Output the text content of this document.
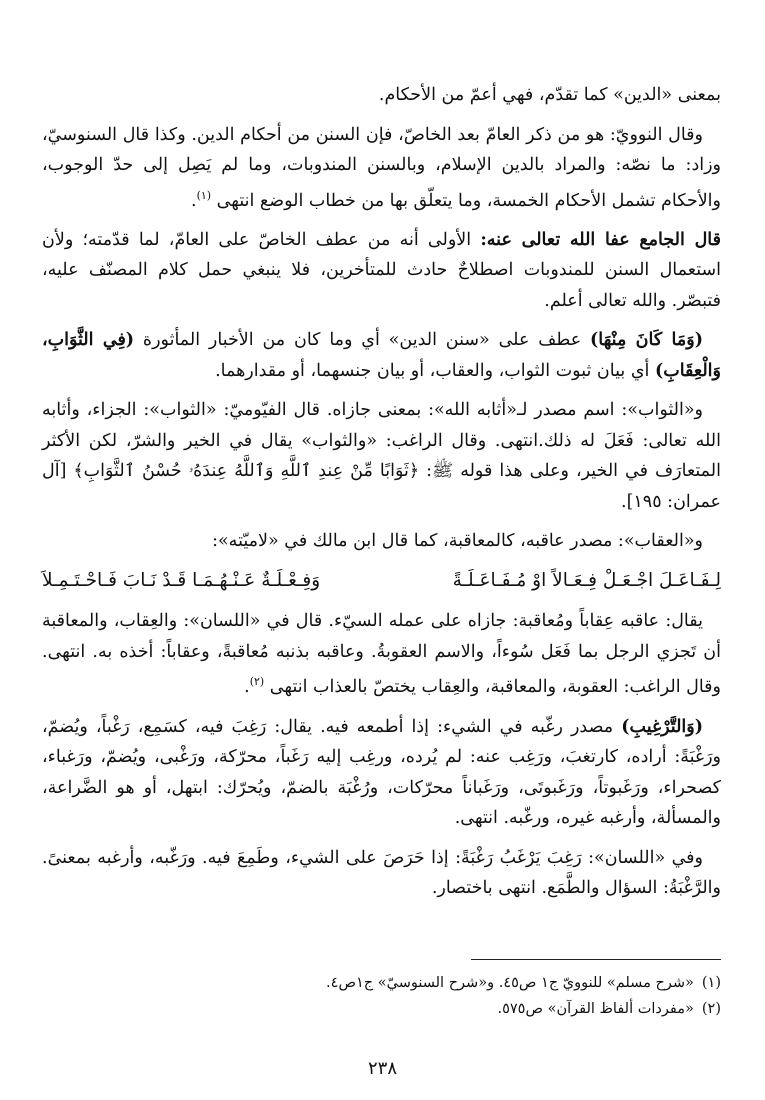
بمعنى «الدين» كما تقدّم، فهي أعمّ من الأحكام.

وقال النوويّ: هو من ذكر العامّ بعد الخاصّ، فإن السنن من أحكام الدين. وكذا قال السنوسيّ، وزاد: ما نصّه: والمراد بالدين الإسلام، وبالسنن المندوبات، وما لم يَصِل إلى حدّ الوجوب، والأحكام تشمل الأحكام الخمسة، وما يتعلّق بها من خطاب الوضع انتهى $^{(١)}$.

قال الجامع عفا الله تعالى عنه: الأولى أنه من عطف الخاصّ على العامّ، لما قدّمته؛ ولأن استعمال السنن للمندوبات اصطلاحٌ حادث للمتأخرين، فلا ينبغي حمل كلام المصنّف عليه، فتبصّر. والله تعالى أعلم.

(وَمَا كَانَ مِنْهَا) عطف على «سنن الدين» أي وما كان من الأخبار المأثورة (فِي الثَّوَابِ، وَالْعِقَابِ) أي بيان ثبوت الثواب، والعقاب، أو بيان جنسهما، أو مقدارهما.

و«الثواب»: اسم مصدر لـ«أثابه الله»: بمعنى جازاه. قال الفيّوميّ: «الثواب»: الجزاء، وأثابه الله تعالى: فَعَلَ له ذلك.انتهى. وقال الراغب: «والثواب» يقال في الخير والشرّ، لكن الأكثر المتعارَف في الخير، وعلى هذا قوله ﷺ: ﴿ثَوَابًا مِّنْ عِندِ ٱللَّهِ وَٱللَّهُ عِندَهُۥ حُسْنُ ٱلثَّوَابِ﴾ [آل عمران: ١٩٥].

و«العقاب»: مصدر عاقبه، كالمعاقبة، كما قال ابن مالك في «لاميّته»:

لِـفَـاعَـلَ اجْـعَـلْ فِـعَـالاً اوْ مُـفَـاعَـلَـةً
وَفِـعْـلَـةٌ عَـنْـهُـمَـا قَـدْ نَـابَ فَـاحْـتَـمِـلاَ

يقال: عاقبه عِقاباً ومُعاقبة: جازاه على عمله السيّء. قال في «اللسان»: والعِقاب، والمعاقبة أن تَجزي الرجل بما فَعَل سُوءاً، والاسم العقوبةُ. وعاقبه بذنبه مُعاقبةً، وعقاباً: أخذه به. انتهى. وقال الراغب: العقوبة، والمعاقبة، والعِقاب يختصّ بالعذاب انتهى $^{(٢)}$.

(وَالتَّرْغِيبِ) مصدر رغّبه في الشيء: إذا أطمعه فيه. يقال: رَغِبَ فيه، كسَمِع، رَغْباً، ويُضمّ، ورَغْبَةً: أراده، كارتغبَ، ورَغِب عنه: لم يُرده، ورغِب إليه رَغَباً، محرّكة، ورَغْبى، ويُضمّ، ورَغباء، كصحراء، ورَغَبوتاً، ورَغَبوتَى، ورَغَباناً محرّكات، ورُغْبَة بالضمّ، ويُحرّك: ابتهل، أو هو الضَّراعة، والمسألة، وأرغبه غيره، ورغّبه. انتهى.

وفي «اللسان»: رَغِبَ يَرْغَبُ رَغْبَةً: إذا حَرَصَ على الشيء، وطَمِعَ فيه. ورَغّبه، وأرغبه بمعنىً. والرَّغْبَةُ: السؤال والطَّمَع. انتهى باختصار.

(١)
«شرح مسلم» للنوويّ ج١ ص٤٥. و«شرح السنوسيّ» ج١ص٤.
(٢)
«مفردات ألفاظ القرآن» ص٥٧٥.
٢٣٨
